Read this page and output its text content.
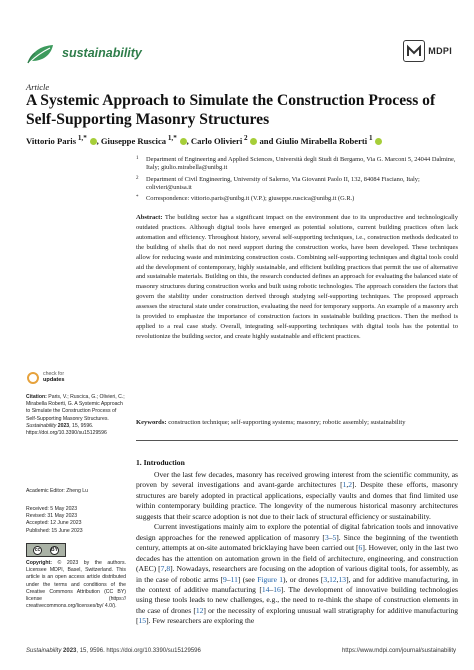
sustainability	MDPI
Article
A Systemic Approach to Simulate the Construction Process of Self-Supporting Masonry Structures
Vittorio Paris $^{1,*}$ , Giuseppe Ruscica $^{1,*}$ , Carlo Olivieri $^2$  and Giulio Mirabella Roberti $^1$
1 Department of Engineering and Applied Sciences, Università degli Studi di Bergamo, Via G. Marconi 5, 24044 Dalmine, Italy; giulio.mirabella@unibg.it
2 Department of Civil Engineering, University of Salerno, Via Giovanni Paolo II, 132, 84084 Fisciano, Italy; colivieri@unisa.it
* Correspondence: vittorio.paris@unibg.it (V.P.); giuseppe.ruscica@unibg.it (G.R.)
Abstract: The building sector has a significant impact on the environment due to its unproductive and technologically outdated practices. Although digital tools have emerged as potential solutions, current building practices often lack automation and efficiency. Throughout history, several self-supporting techniques, i.e., construction methods dedicated to the building of shells that do not need support during the construction works, have been developed. These techniques allow for reducing waste and minimizing construction costs. Combining self-supporting techniques and digital tools could aid the development of contemporary, highly sustainable, and efficient building practices that permit the use of alternative and sustainable materials. Building on this, the research conducted defines an approach for evaluating the balanced state of masonry structures during construction works and built using robotic technologies. The approach considers the factors that govern the stability under construction derived through studying self-supporting techniques. The proposed approach assesses the structural state under construction, evaluating the need for temporary supports. An example of a masonry arch is provided to emphasize the importance of construction factors in sustainable building practices. Then the method is applied to a real case study. Overall, integrating self-supporting techniques with digital tools has the potential to revolutionize the building sector, and create highly sustainable and efficient practices.
Keywords: construction technique; self-supporting systems; masonry; robotic assembly; sustainability
1. Introduction

Over the last few decades, masonry has received growing interest from the scientific community, as proven by several investigations and avant-garde architectures [1,2]. Despite these efforts, masonry structures are barely adopted in practical applications, especially vaults and domes that find limited use within contemporary building practice. The longevity of the numerous historical masonry architectures suggests that their scarce adoption is not due to their lack of structural efficiency or sustainability.

Current investigations mainly aim to explore the potential of digital fabrication tools and innovative design approaches for the renewed application of masonry [3–5]. Since the beginning of the twentieth century, attempts at on-site automated bricklaying have been carried out [6]. However, only in the last two decades has the attention on automation grown in the field of architecture, engineering, and construction (AEC) [7,8]. Nowadays, researchers are focusing on the adoption of various digital tools, for assembly, as in the case of robotic arms [9–11] (see Figure 1), or drones [3,12,13], and for additive manufacturing, in the context of additive manufacturing [14–16]. The development of innovative building technologies using these tools leads to new challenges, e.g., the need to re-think the shape of construction elements in the case of drones [12] or the necessity of exploring unusual wall stratigraphy for additive manufacturing [15]. Few researchers are exploring the

check for
updates
Citation: Paris, V.; Ruscica, G.; Olivieri, C.; Mirabella Roberti, G. A Systemic Approach to Simulate the Construction Process of Self-Supporting Masonry Structures. Sustainability 2023, 15, 9596. https://doi.org/10.3390/su15129596
Academic Editor: Zheng Lu
Received: 5 May 2023
Revised: 31 May 2023
Accepted: 12 June 2023
Published: 15 June 2023
cc	BY
Copyright: © 2023 by the authors. Licensee MDPI, Basel, Switzerland. This article is an open access article distributed under the terms and conditions of the Creative Commons Attribution (CC BY) license (https:// creativecommons.org/licenses/by/ 4.0/).
Sustainability 2023, 15, 9596. https://doi.org/10.3390/su15129596	https://www.mdpi.com/journal/sustainability
